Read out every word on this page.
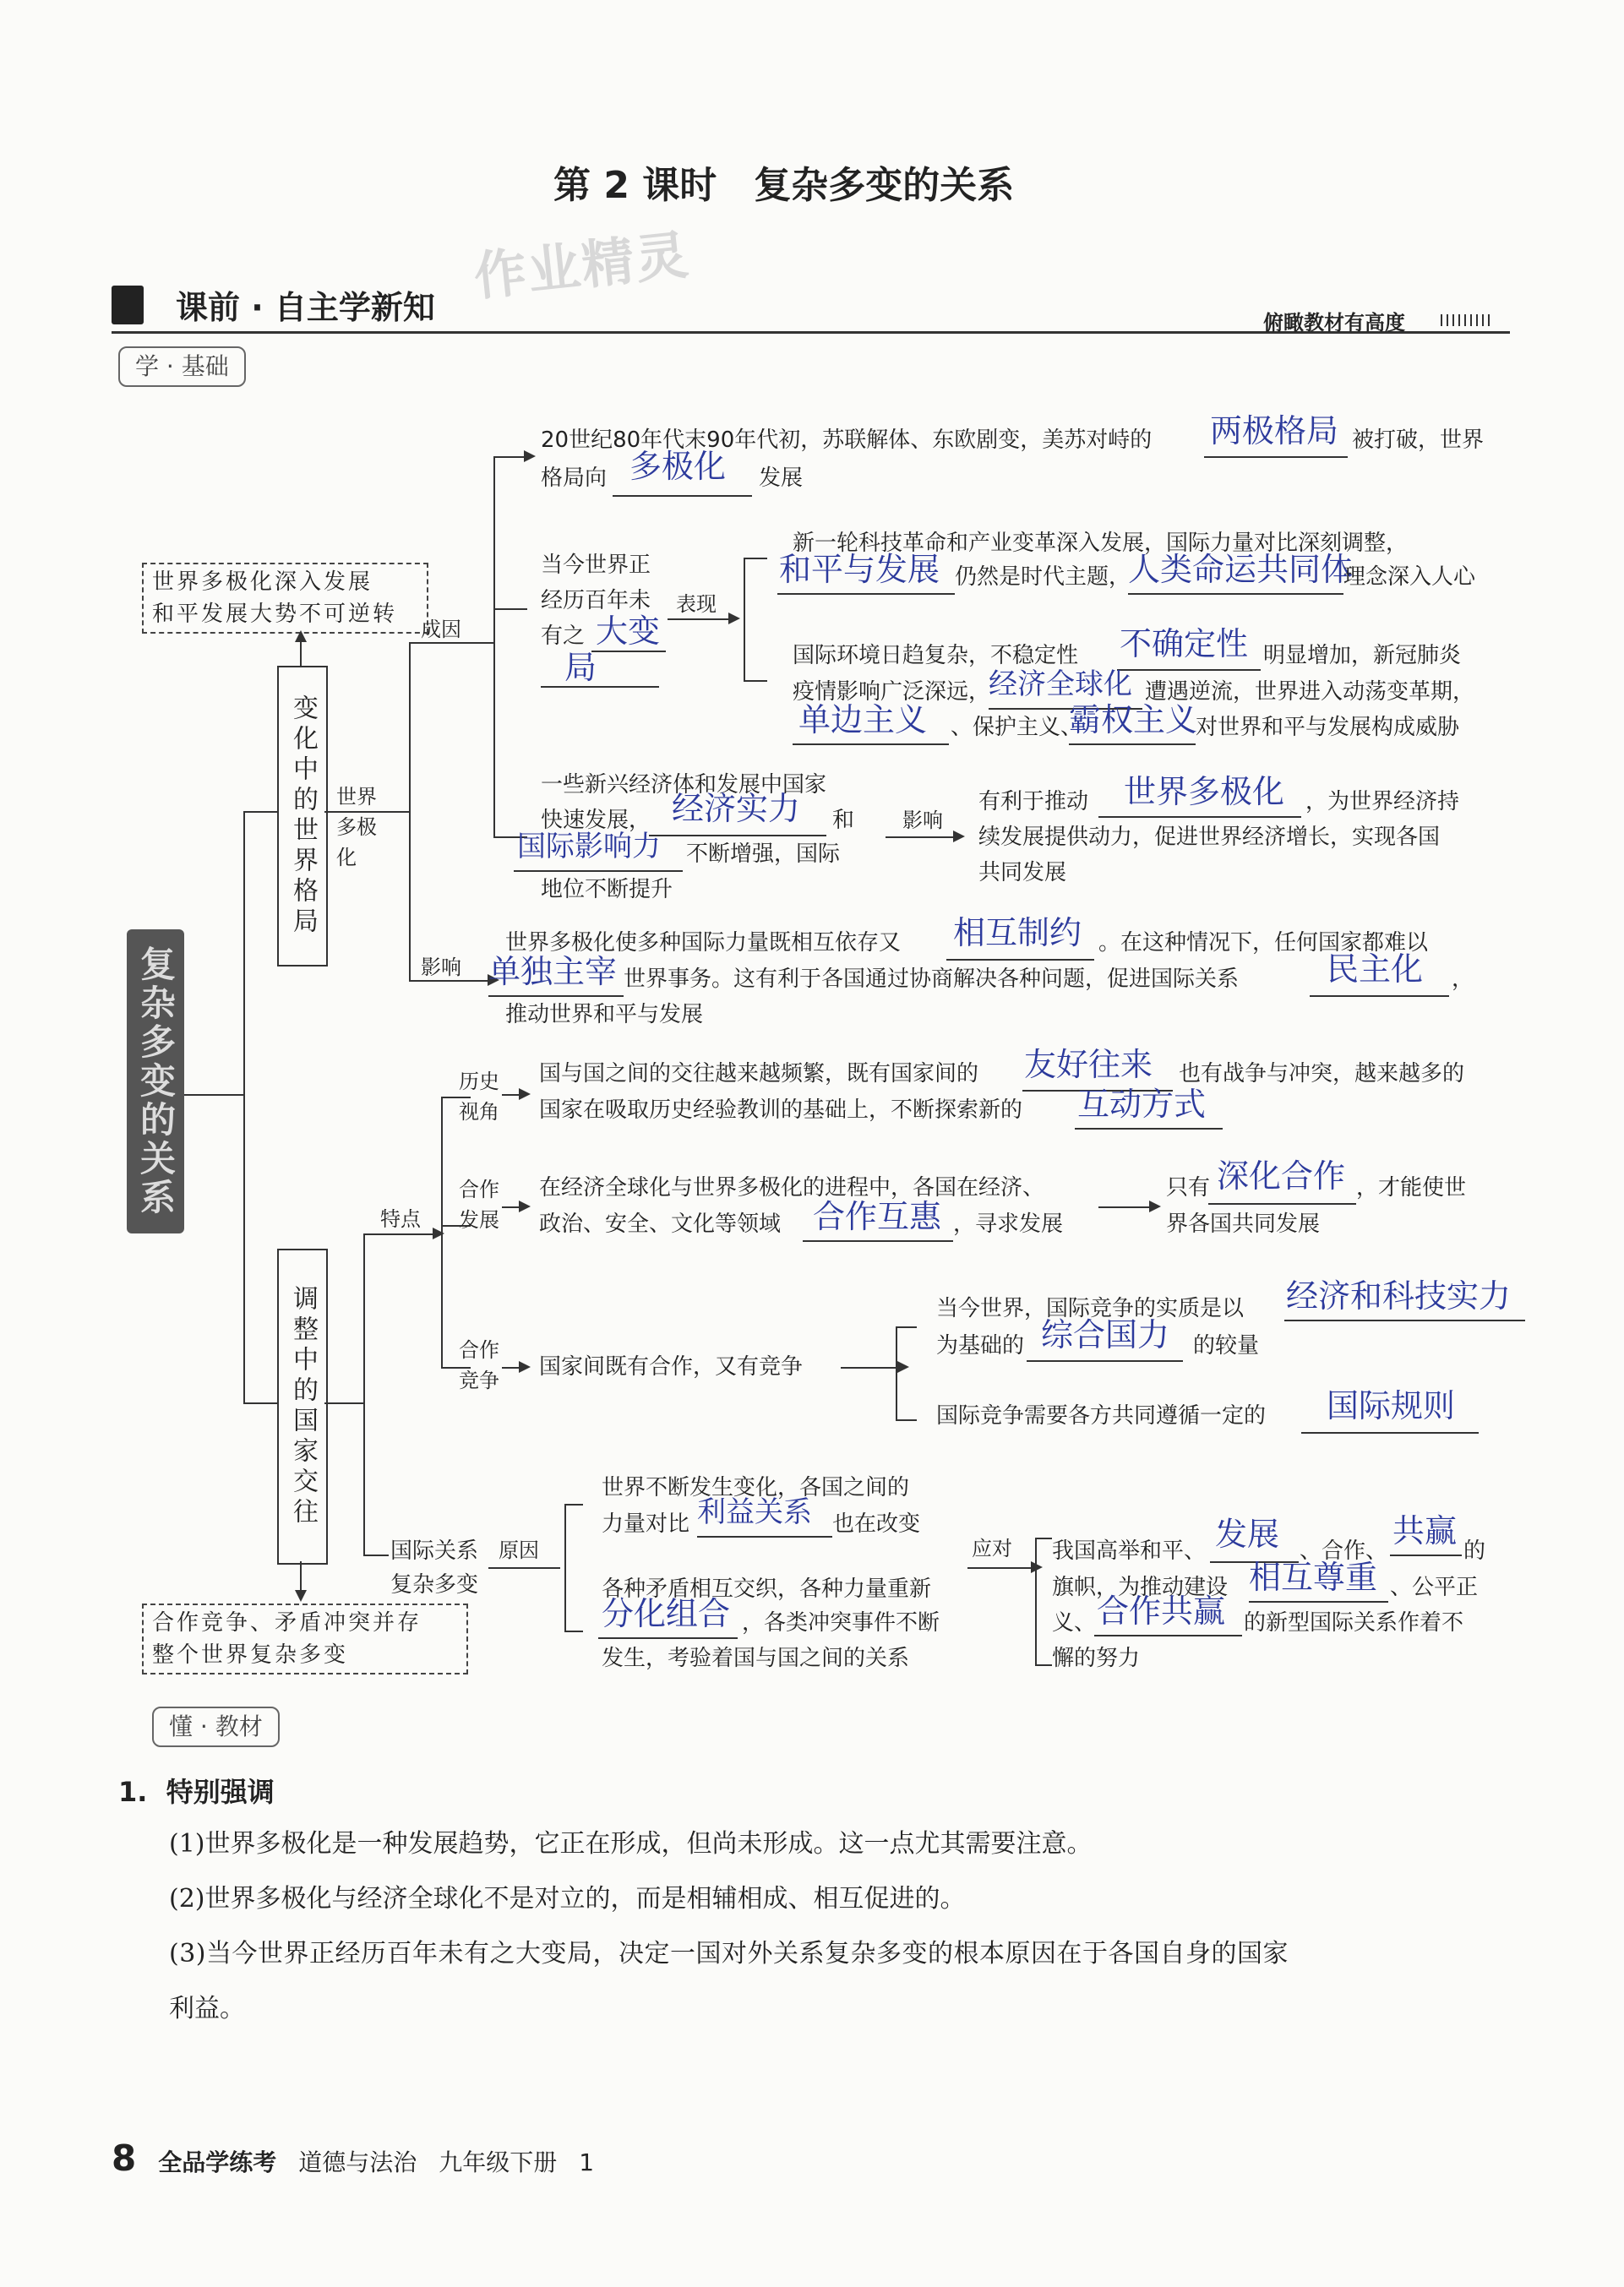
第 2 课时　复杂多变的关系
作业精灵
课前 · 自主学新知	俯瞰教材有高度
学 · 基础
复杂多变的关系
变化中的世界格局
世界多极化深入发展
和平发展大势不可逆转
世界多极化
成因
影响
20世纪80年代末90年代初，苏联解体、东欧剧变，美苏对峙的 两极格局 被打破，世界
格局向 多极化 发展
当今世界正
经历百年未
有之 大变
局
表现
新一轮科技革命和产业变革深入发展，国际力量对比深刻调整，
和平与发展 仍然是时代主题，
人类命运共同体
理念深入人心
国际环境日趋复杂，不稳定性 不确定性 明显增加，新冠肺炎
疫情影响广泛深远，
经济全球化 遭遇逆流，世界进入动荡变革期，
单边主义 、保护主义、
霸权主义
对世界和平与发展构成威胁
一些新兴经济体和发展中国家
快速发展， 经济实力 和
国际影响力 不断增强，国际
地位不断提升
影响
有利于推动 世界多极化 ，为世界经济持
续发展提供动力，促进世界经济增长，实现各国
共同发展
世界多极化使多种国际力量既相互依存又 相互制约 。在这种情况下，任何国家都难以
单独主宰 世界事务。这有利于各国通过协商解决各种问题，促进国际关系	民主化 ，
推动世界和平与发展
调整中的国家交往
合作竞争、矛盾冲突并存
整个世界复杂多变
特点
历史视角
国与国之间的交往越来越频繁，既有国家间的 友好往来 也有战争与冲突，越来越多的
国家在吸取历史经验教训的基础上，不断探索新的 互动方式
合作发展
在经济全球化与世界多极化的进程中，各国在经济、
政治、安全、文化等领域 合作互惠 ，寻求发展
只有 深化合作 ，才能使世
界各国共同发展
合作竞争
国家间既有合作，又有竞争
当今世界，国际竞争的实质是以 经济和科技实力
为基础的 综合国力 的较量
国际竞争需要各方共同遵循一定的 国际规则
国际关系
复杂多变
原因
世界不断发生变化，各国之间的
力量对比 利益关系 也在改变
各种矛盾相互交织，各种力量重新
分化组合 ，各类冲突事件不断
发生，考验着国与国之间的关系
应对 我国高举和平、 发展 、合作、
共赢
的
旗帜，为推动建设 相互尊重 、公平正
义、 合作共赢 的新型国际关系作着不
懈的努力
懂 · 教材
1.  特别强调
(1)世界多极化是一种发展趋势，它正在形成，但尚未形成。这一点尤其需要注意。
(2)世界多极化与经济全球化不是对立的，而是相辅相成、相互促进的。
(3)当今世界正经历百年未有之大变局，决定一国对外关系复杂多变的根本原因在于各国自身的国家
利益。
8 全品学练考 道德与法治 九年级下册 1
